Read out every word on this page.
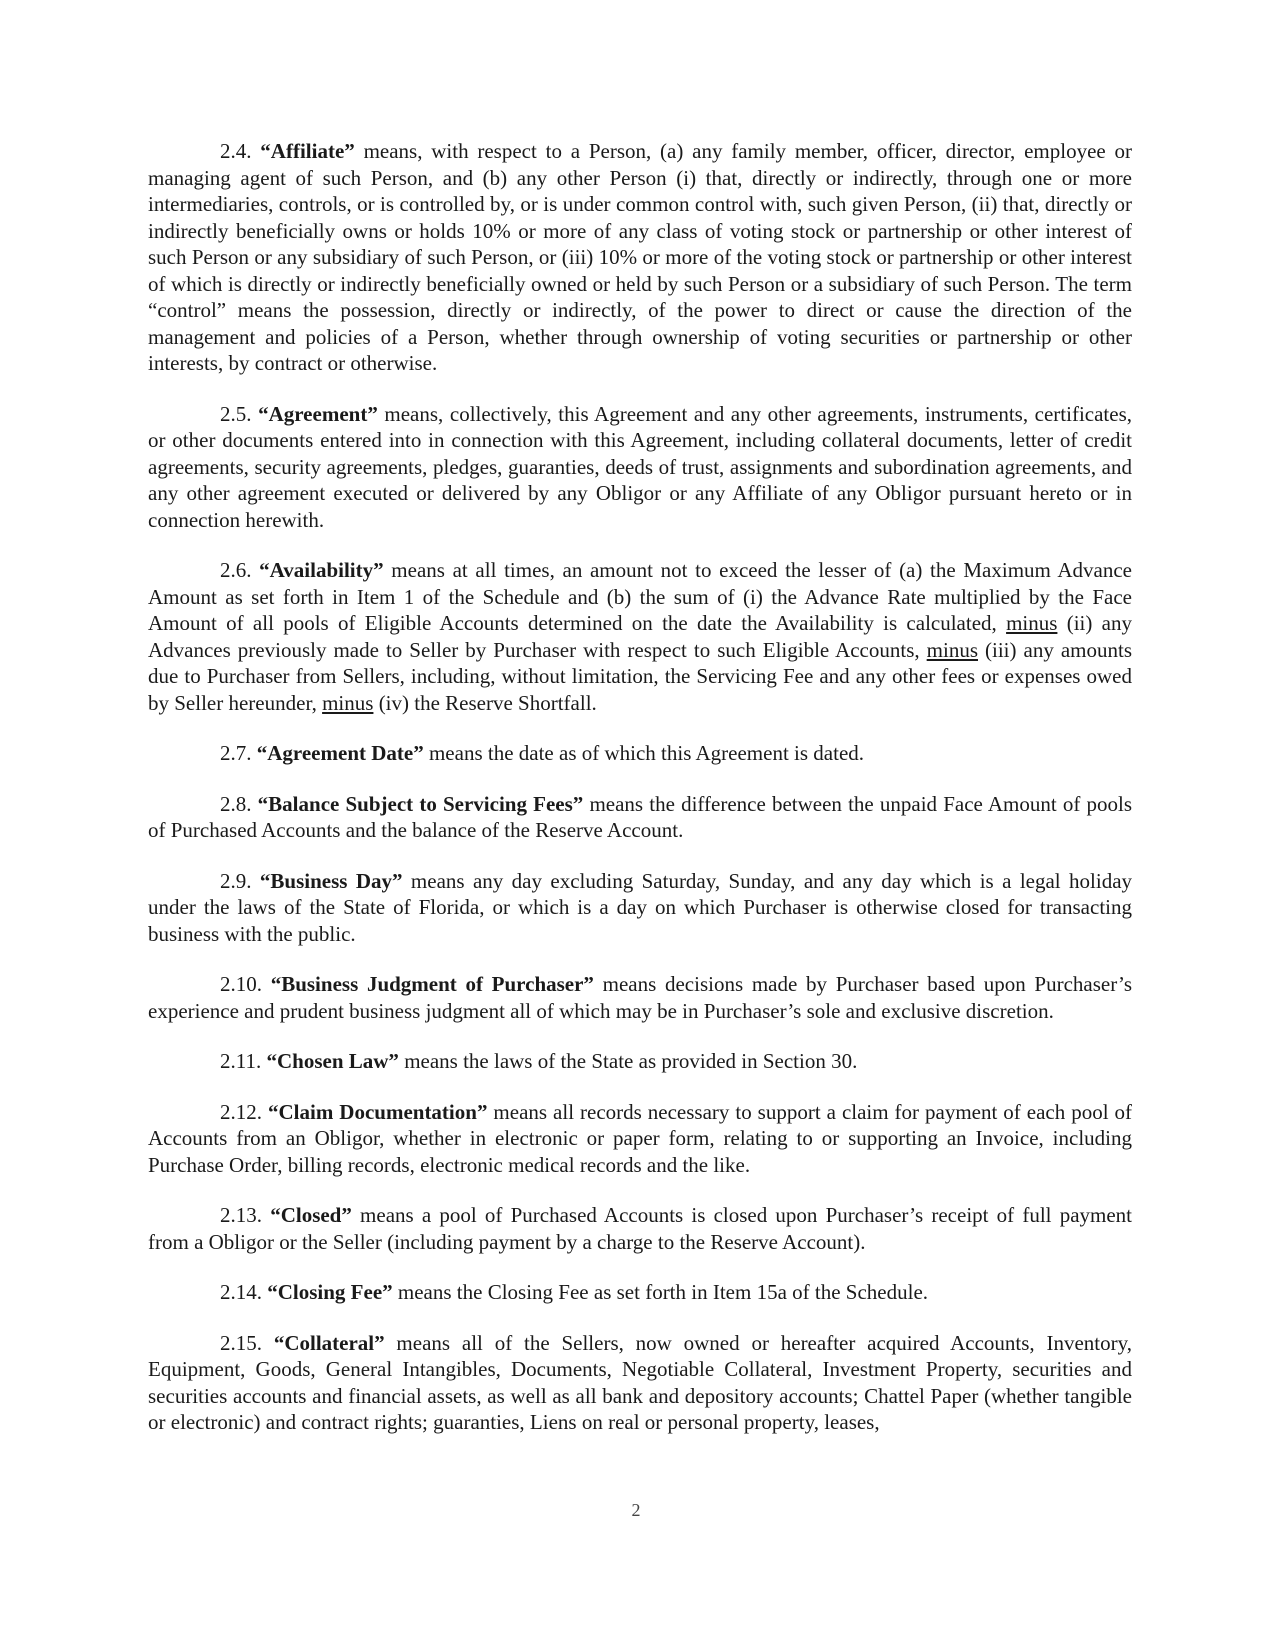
2.4. “Affiliate” means, with respect to a Person, (a) any family member, officer, director, employee or managing agent of such Person, and (b) any other Person (i) that, directly or indirectly, through one or more intermediaries, controls, or is controlled by, or is under common control with, such given Person, (ii) that, directly or indirectly beneficially owns or holds 10% or more of any class of voting stock or partnership or other interest of such Person or any subsidiary of such Person, or (iii) 10% or more of the voting stock or partnership or other interest of which is directly or indirectly beneficially owned or held by such Person or a subsidiary of such Person. The term “control” means the possession, directly or indirectly, of the power to direct or cause the direction of the management and policies of a Person, whether through ownership of voting securities or partnership or other interests, by contract or otherwise.

2.5. “Agreement” means, collectively, this Agreement and any other agreements, instruments, certificates, or other documents entered into in connection with this Agreement, including collateral documents, letter of credit agreements, security agreements, pledges, guaranties, deeds of trust, assignments and subordination agreements, and any other agreement executed or delivered by any Obligor or any Affiliate of any Obligor pursuant hereto or in connection herewith.

2.6. “Availability” means at all times, an amount not to exceed the lesser of (a) the Maximum Advance Amount as set forth in Item 1 of the Schedule and (b) the sum of (i) the Advance Rate multiplied by the Face Amount of all pools of Eligible Accounts determined on the date the Availability is calculated, minus (ii) any Advances previously made to Seller by Purchaser with respect to such Eligible Accounts, minus (iii) any amounts due to Purchaser from Sellers, including, without limitation, the Servicing Fee and any other fees or expenses owed by Seller hereunder, minus (iv) the Reserve Shortfall.

2.7. “Agreement Date” means the date as of which this Agreement is dated.

2.8. “Balance Subject to Servicing Fees” means the difference between the unpaid Face Amount of pools of Purchased Accounts and the balance of the Reserve Account.

2.9. “Business Day” means any day excluding Saturday, Sunday, and any day which is a legal holiday under the laws of the State of Florida, or which is a day on which Purchaser is otherwise closed for transacting business with the public.

2.10. “Business Judgment of Purchaser” means decisions made by Purchaser based upon Purchaser’s experience and prudent business judgment all of which may be in Purchaser’s sole and exclusive discretion.

2.11. “Chosen Law” means the laws of the State as provided in Section 30.

2.12. “Claim Documentation” means all records necessary to support a claim for payment of each pool of Accounts from an Obligor, whether in electronic or paper form, relating to or supporting an Invoice, including Purchase Order, billing records, electronic medical records and the like.

2.13. “Closed” means a pool of Purchased Accounts is closed upon Purchaser’s receipt of full payment from a Obligor or the Seller (including payment by a charge to the Reserve Account).

2.14. “Closing Fee” means the Closing Fee as set forth in Item 15a of the Schedule.

2.15. “Collateral” means all of the Sellers, now owned or hereafter acquired Accounts, Inventory, Equipment, Goods, General Intangibles, Documents, Negotiable Collateral, Investment Property, securities and securities accounts and financial assets, as well as all bank and depository accounts; Chattel Paper (whether tangible or electronic) and contract rights; guaranties, Liens on real or personal property, leases,

2
